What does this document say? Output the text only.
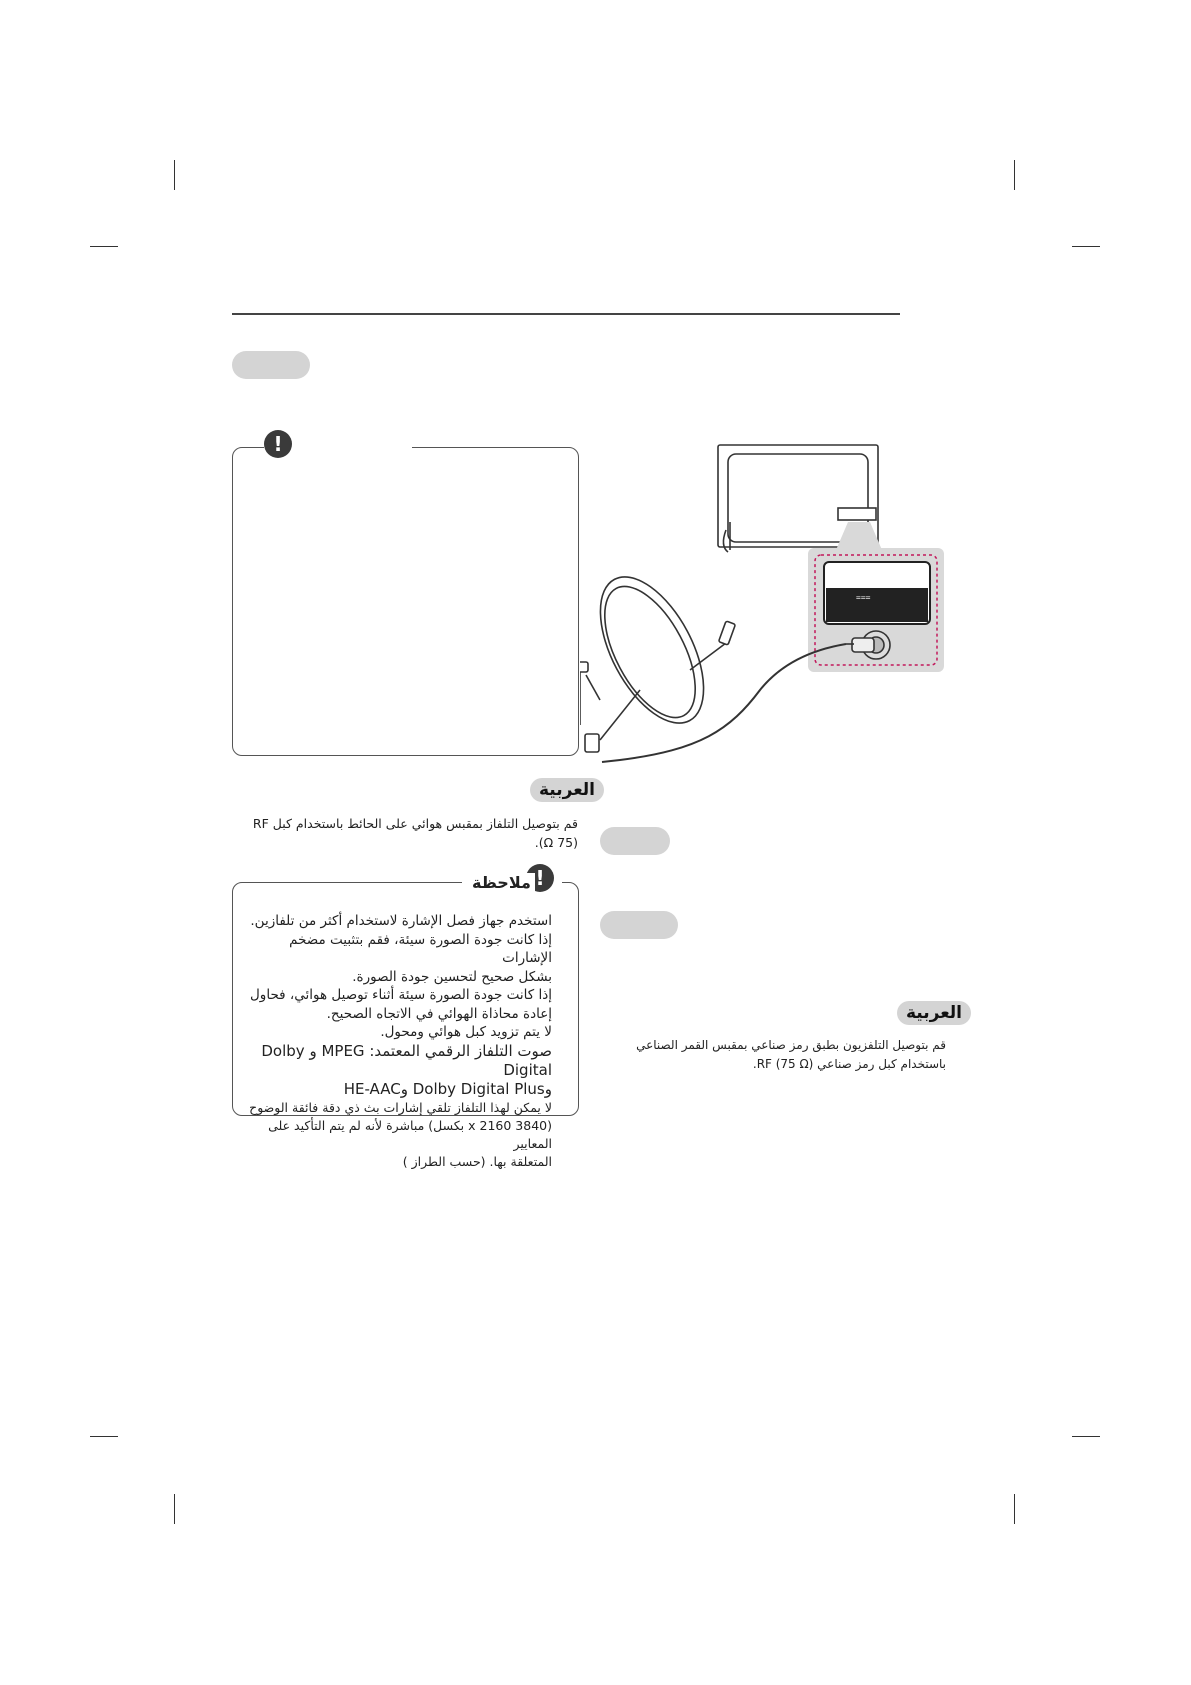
!
العربية
قم بتوصيل التلفاز بمقبس هوائي على الحائط باستخدام كبل RF
(75 Ω).
!
ملاحظة
استخدم جهاز فصل الإشارة لاستخدام أكثر من تلفازين.
إذا كانت جودة الصورة سيئة، فقم بتثبيت مضخم الإشارات
بشكل صحيح لتحسين جودة الصورة.
إذا كانت جودة الصورة سيئة أثناء توصيل هوائي، فحاول
إعادة محاذاة الهوائي في الاتجاه الصحيح.
لا يتم تزويد كبل هوائي ومحول.
صوت التلفاز الرقمي المعتمد: MPEG و Dolby Digital
وDolby Digital Plus وHE-AAC
لا يمكن لهذا التلفاز تلقي إشارات بث ذي دقة فائقة الوضوح
(3840 x 2160 بكسل) مباشرة لأنه لم يتم التأكيد على المعايير
المتعلقة بها. (حسب الطراز )
العربية
قم بتوصيل التلفزيون بطبق رمز صناعي بمقبس القمر الصناعي
باستخدام كبل رمز صناعي RF (75 Ω).
===
